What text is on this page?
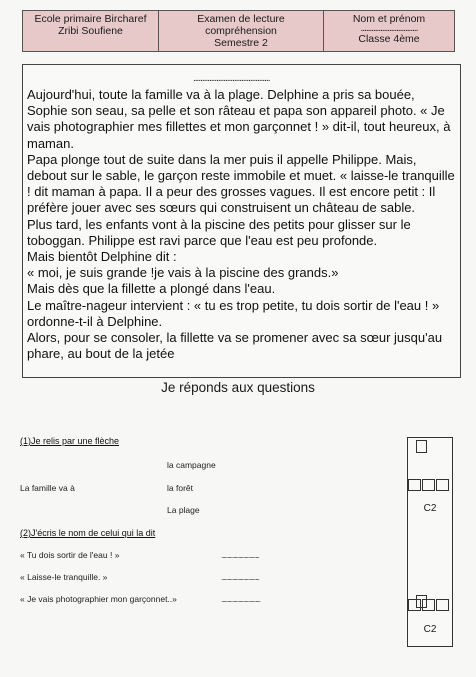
Ecole primaire Bircharef
Zribi Soufiene

Examen de lecture
compréhension
Semestre 2

Nom et prénom
................................
Classe 4ème
...........................................

Aujourd'hui, toute la famille va à la plage. Delphine a pris sa bouée, Sophie son seau, sa pelle et son râteau et papa son appareil photo. « Je vais photographier mes fillettes et mon garçonnet ! » dit-il, tout heureux, à maman.

Papa plonge tout de suite dans la mer puis il appelle Philippe. Mais, debout sur le sable, le garçon reste immobile et muet. « laisse-le tranquille ! dit maman à papa. Il a peur des grosses vagues. Il est encore petit : Il préfère jouer avec ses sœurs qui construisent un château de sable.

Plus tard, les enfants vont à la piscine des petits pour glisser sur le toboggan. Philippe est ravi parce que l'eau est peu profonde.

Mais bientôt Delphine dit :

« moi, je suis grande !je vais à la piscine des grands.»

Mais dès que la fillette a plongé dans l'eau.

Le maître-nageur intervient : « tu es trop petite, tu dois sortir de l'eau ! » ordonne-t-il à Delphine.

Alors, pour se consoler, la fillette va se promener avec sa sœur jusqu'au phare, au bout de la jetée

Je réponds aux questions
(1)Je relis par une flèche
la campagne
La famille va à	la forêt
La plage
(2)J'écris le nom de celui qui la dit
« Tu dois sortir de l'eau ! »	...............................
« Laisse-le tranquille. »	...............................
« Je vais photographier mon garçonnet..»	................................
C2
C2
